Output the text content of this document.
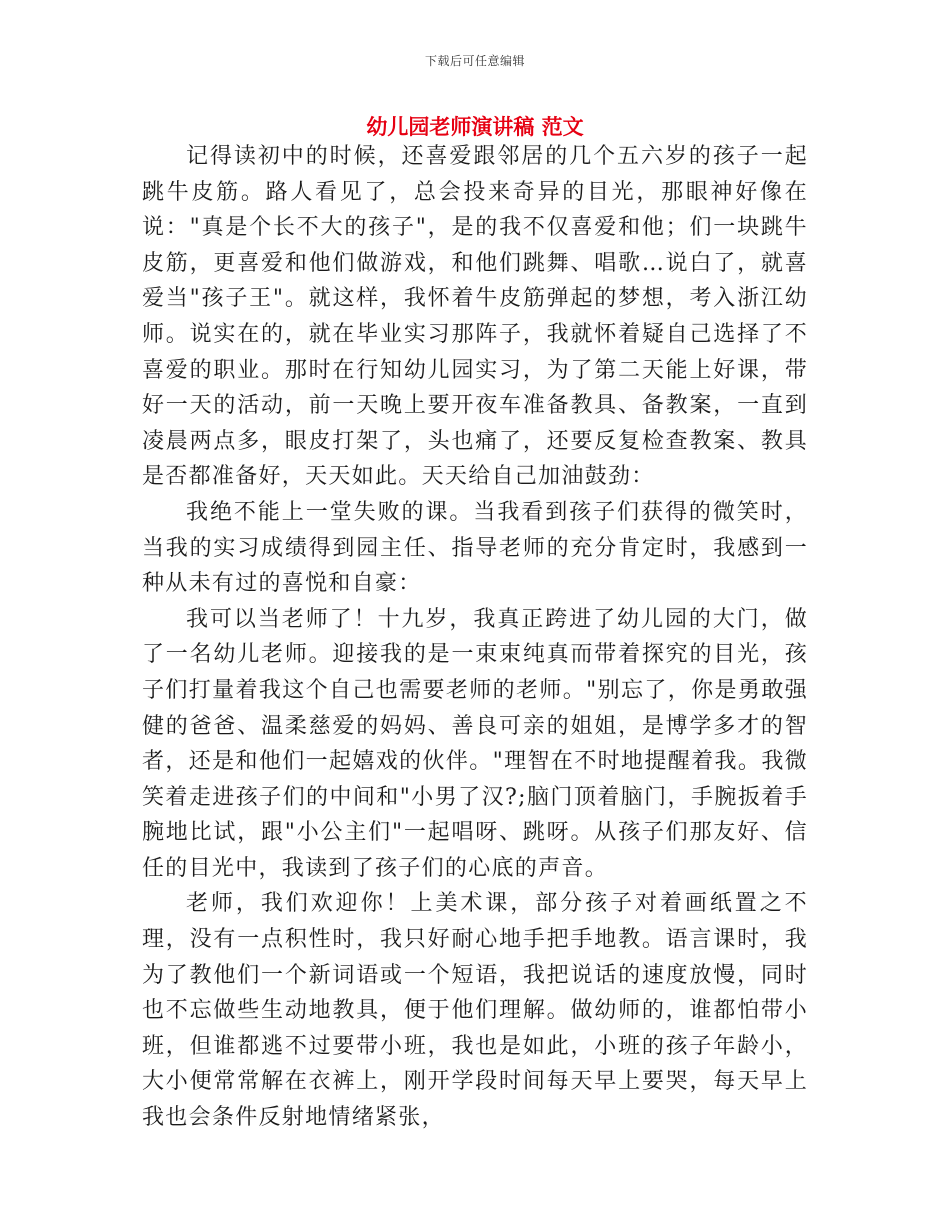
下载后可任意编辑
幼儿园老师演讲稿 范文

记得读初中的时候，还喜爱跟邻居的几个五六岁的孩子一起跳牛皮筋。路人看见了，总会投来奇异的目光，那眼神好像在说："真是个长不大的孩子"，是的我不仅喜爱和他；们一块跳牛皮筋，更喜爱和他们做游戏，和他们跳舞、唱歌…说白了，就喜爱当"孩子王"。就这样，我怀着牛皮筋弹起的梦想，考入浙江幼师。说实在的，就在毕业实习那阵子，我就怀着疑自己选择了不喜爱的职业。那时在行知幼儿园实习，为了第二天能上好课，带好一天的活动，前一天晚上要开夜车准备教具、备教案，一直到凌晨两点多，眼皮打架了，头也痛了，还要反复检查教案、教具是否都准备好，天天如此。天天给自己加油鼓劲：

我绝不能上一堂失败的课。当我看到孩子们获得的微笑时，当我的实习成绩得到园主任、指导老师的充分肯定时，我感到一种从未有过的喜悦和自豪：

我可以当老师了！十九岁，我真正跨进了幼儿园的大门，做了一名幼儿老师。迎接我的是一束束纯真而带着探究的目光，孩子们打量着我这个自己也需要老师的老师。"别忘了，你是勇敢强健的爸爸、温柔慈爱的妈妈、善良可亲的姐姐，是博学多才的智者，还是和他们一起嬉戏的伙伴。"理智在不时地提醒着我。我微笑着走进孩子们的中间和"小男了汉?;脑门顶着脑门，手腕扳着手腕地比试，跟"小公主们"一起唱呀、跳呀。从孩子们那友好、信任的目光中，我读到了孩子们的心底的声音。

老师，我们欢迎你！上美术课，部分孩子对着画纸置之不理，没有一点积性时，我只好耐心地手把手地教。语言课时，我为了教他们一个新词语或一个短语，我把说话的速度放慢，同时也不忘做些生动地教具，便于他们理解。做幼师的，谁都怕带小班，但谁都逃不过要带小班，我也是如此，小班的孩子年龄小，大小便常常解在衣裤上，刚开学段时间每天早上要哭，每天早上我也会条件反射地情绪紧张，
